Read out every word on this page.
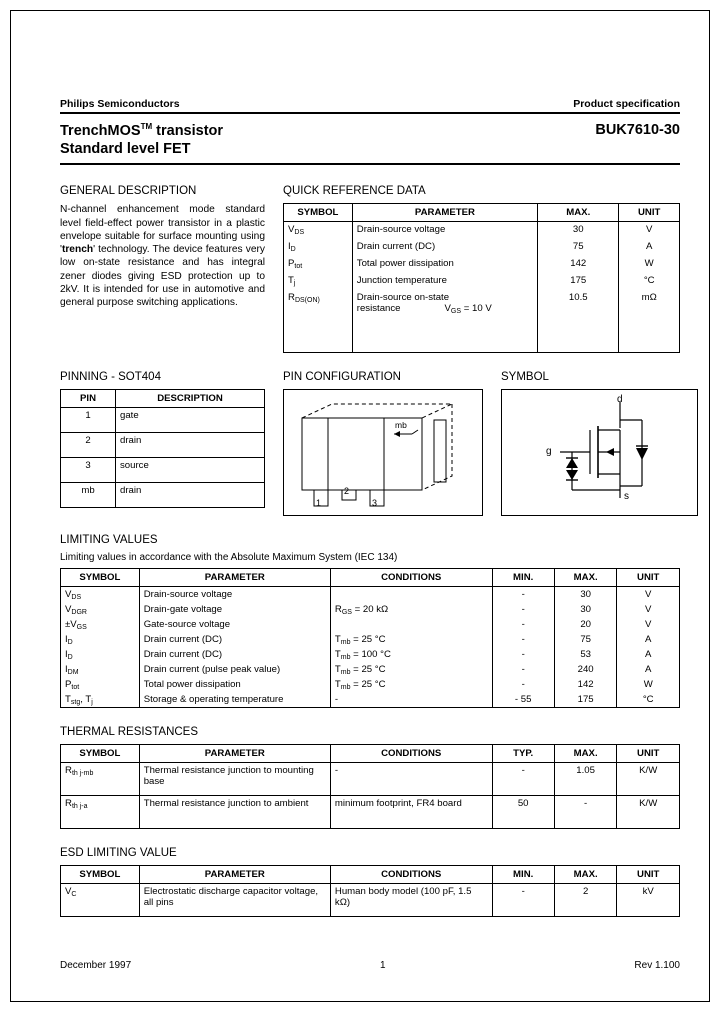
Philips Semiconductors	Product specification
TrenchMOS™ transistor
Standard level FET
BUK7610-30
GENERAL DESCRIPTION
N-channel enhancement mode standard level field-effect power transistor in a plastic envelope suitable for surface mounting using 'trench' technology. The device features very low on-state resistance and has integral zener diodes giving ESD protection up to 2kV. It is intended for use in automotive and general purpose switching applications.
QUICK REFERENCE DATA
SYMBOL	PARAMETER	MAX.	UNIT
$V_{DS}$	Drain-source voltage	30	V
$I_D$	Drain current (DC)	75	A
$P_{tot}$	Total power dissipation	142	W
$T_j$	Junction temperature	175	°C
$R_{DS(ON)}$	Drain-source on-state
resistance $V_{GS} = 10$ V	10.5	mΩ
PINNING - SOT404
PIN	DESCRIPTION
1	gate
2	drain
3	source
mb	drain
PIN CONFIGURATION
mb
1
2
3
SYMBOL
d
g
s
LIMITING VALUES
Limiting values in accordance with the Absolute Maximum System (IEC 134)
SYMBOL	PARAMETER	CONDITIONS	MIN.	MAX.	UNIT
$V_{DS}$	Drain-source voltage		-	30	V
$V_{DGR}$	Drain-gate voltage	$R_{GS} = 20$ kΩ	-	30	V
$\pm V_{GS}$	Gate-source voltage		-	20	V
$I_D$	Drain current (DC)	$T_{mb} = 25$ °C	-	75	A
$I_D$	Drain current (DC)	$T_{mb} = 100$ °C	-	53	A
$I_{DM}$	Drain current (pulse peak value)	$T_{mb} = 25$ °C	-	240	A
$P_{tot}$	Total power dissipation	$T_{mb} = 25$ °C	-	142	W
$T_{stg}$, $T_j$	Storage & operating temperature	-	- 55	175	°C
THERMAL RESISTANCES
SYMBOL	PARAMETER	CONDITIONS	TYP.	MAX.	UNIT
$R_{th j-mb}$	Thermal resistance junction to mounting base	-	-	1.05	K/W
$R_{th j-a}$	Thermal resistance junction to ambient	minimum footprint, FR4 board	50	-	K/W
ESD LIMITING VALUE
SYMBOL	PARAMETER	CONDITIONS	MIN.	MAX.	UNIT
$V_C$	Electrostatic discharge capacitor voltage, all pins	Human body model (100 pF, 1.5 kΩ)	-	2	kV
December 1997	1	Rev 1.100
